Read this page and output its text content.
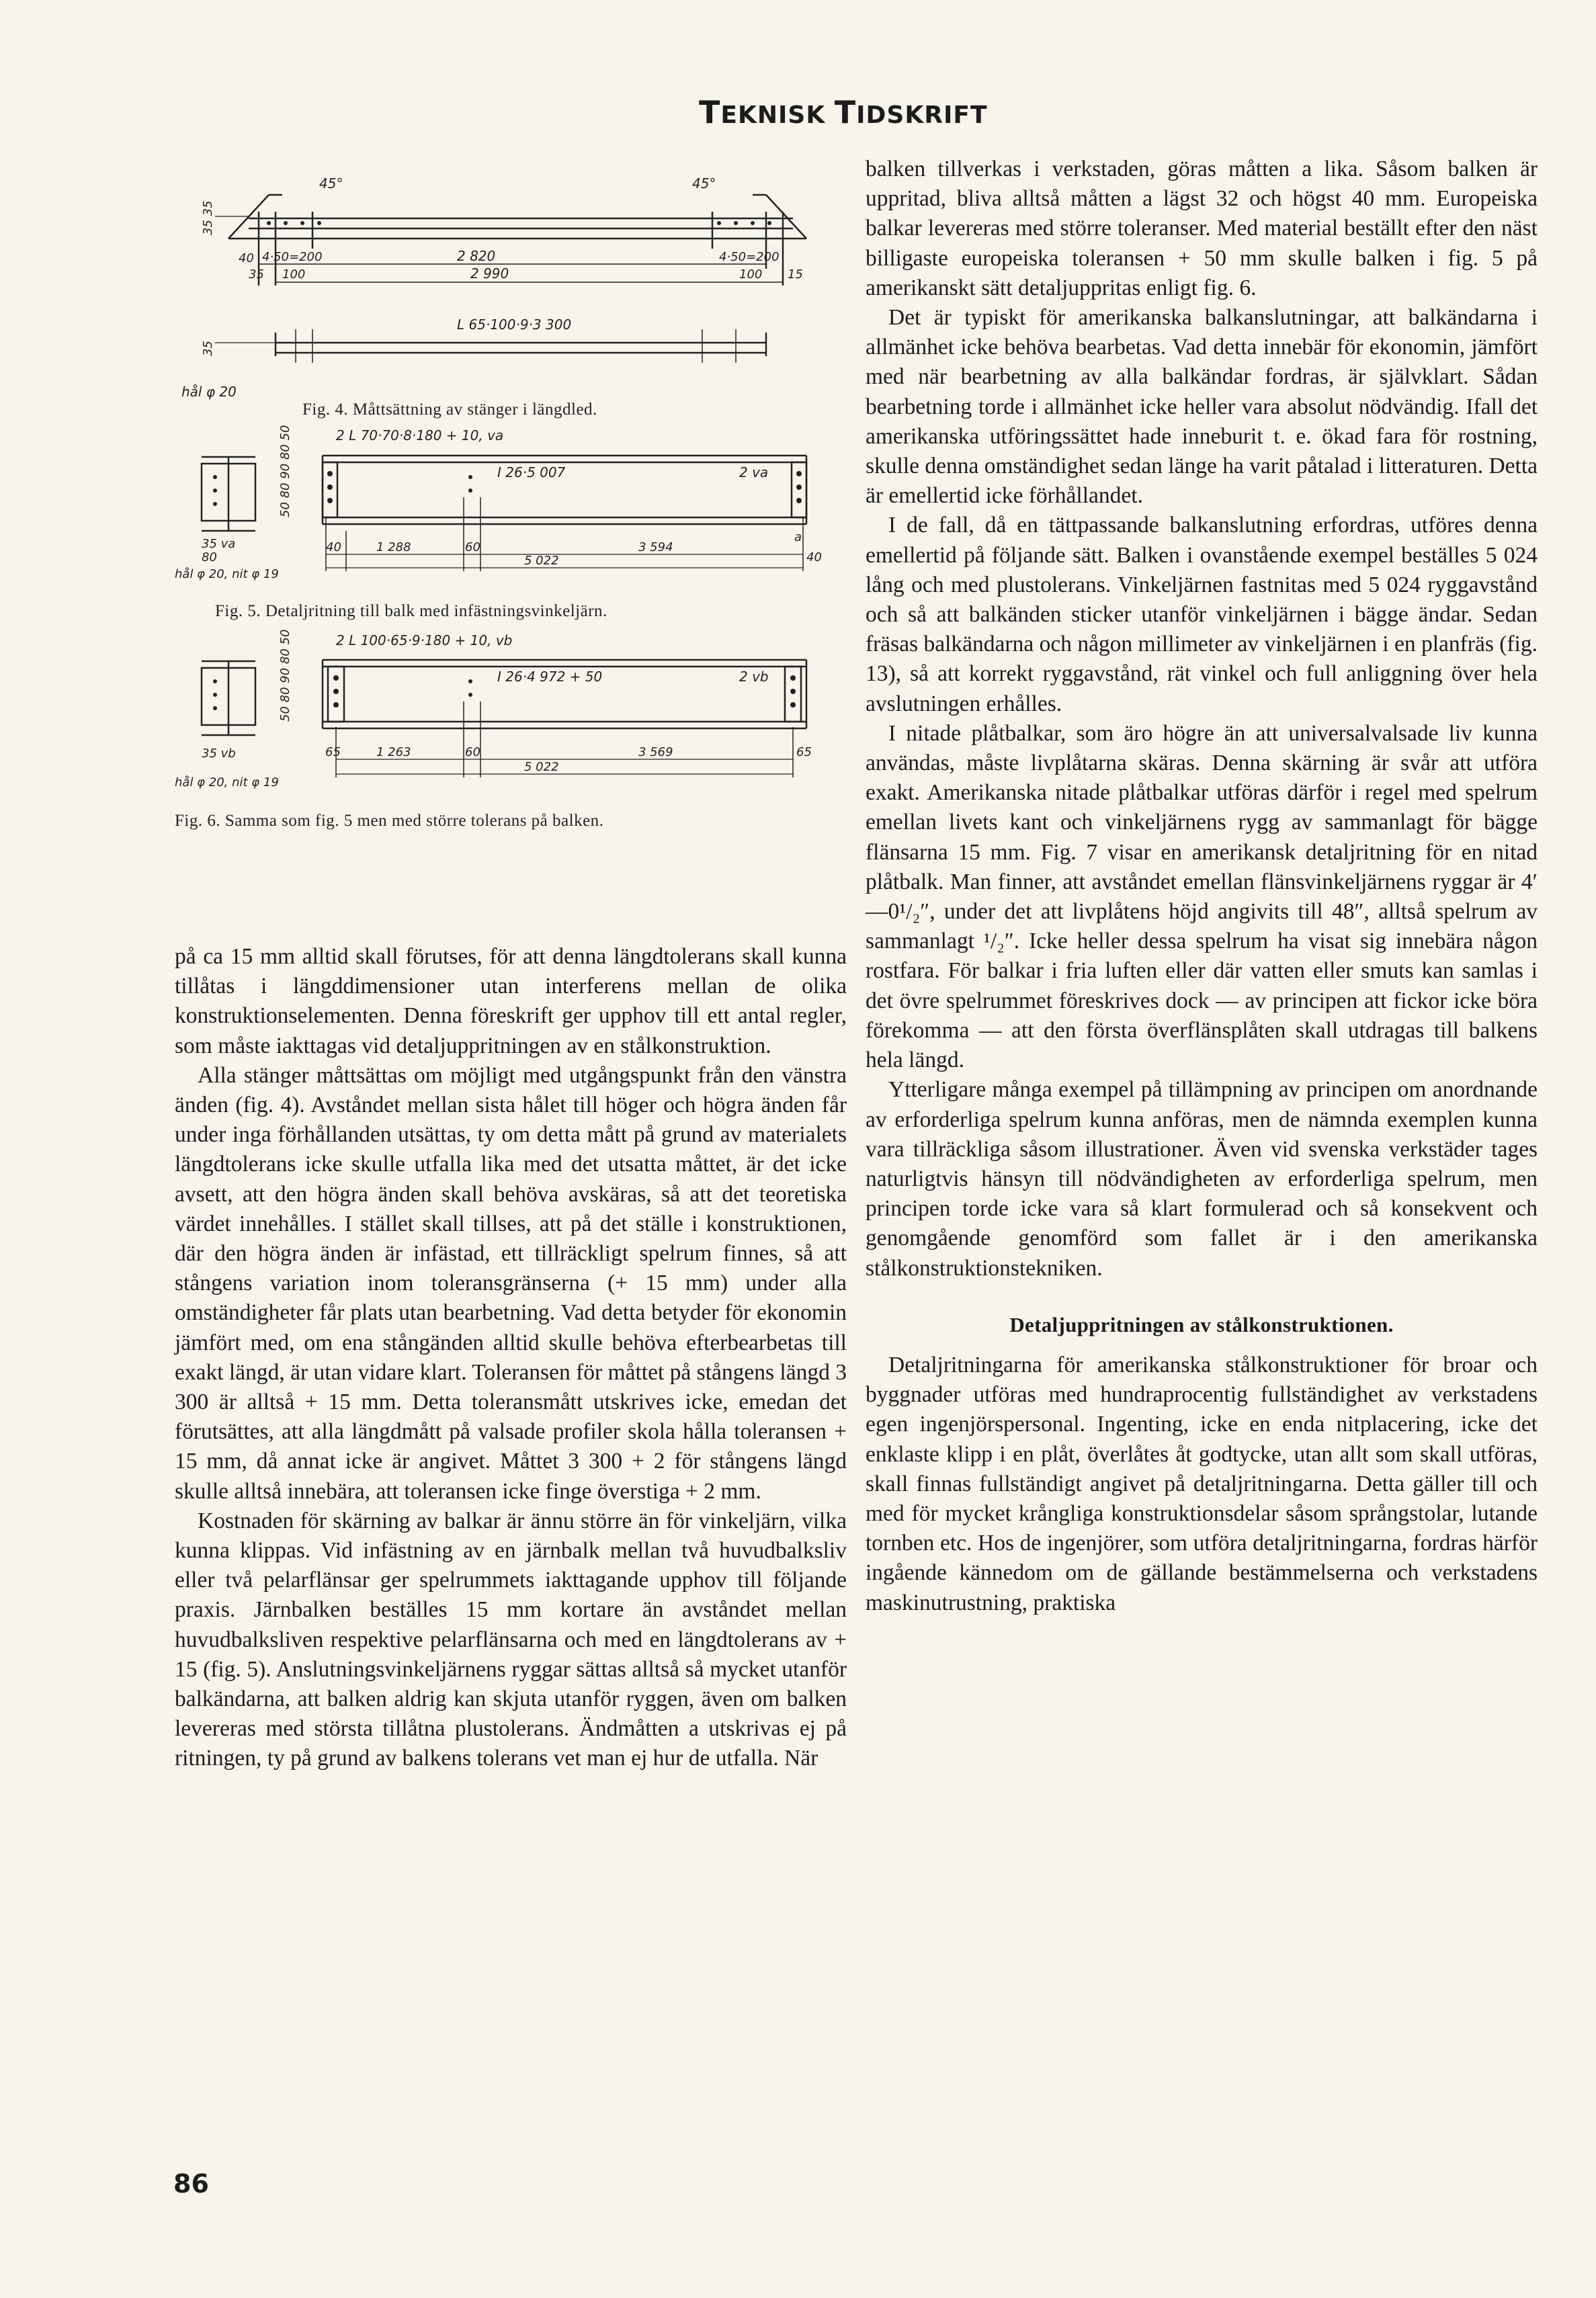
TEKNISK TIDSKRIFT
45°	45°
35 35
40 4·50=200	2 820	4·50=200
35 100	2 990	100 15
L 65·100·9·3 300
35
hål φ 20
Fig. 4. Måttsättning av stänger i längdled.
2 L 70·70·8·180 + 10, va
I 26·5 007	2 va
50 80 90 80 50
35 va
80
hål φ 20, nit φ 19
40	1 288	60	3 594
5 022
a
40
Fig. 5. Detaljritning till balk med infästningsvinkeljärn.
2 L 100·65·9·180 + 10, vb
I 26·4 972 + 50	2 vb
50 80 90 80 50
35 vb
hål φ 20, nit φ 19
65	1 263	60	3 569
5 022
65
Fig. 6. Samma som fig. 5 men med större tolerans på balken.

på ca 15 mm alltid skall förutses, för att denna längdtolerans skall kunna tillåtas i längddimensioner utan interferens mellan de olika konstruktionselementen. Denna föreskrift ger upphov till ett antal regler, som måste iakttagas vid detaljuppritningen av en stålkonstruktion.

Alla stänger måttsättas om möjligt med utgångspunkt från den vänstra änden (fig. 4). Avståndet mellan sista hålet till höger och högra änden får under inga förhållanden utsättas, ty om detta mått på grund av materialets längdtolerans icke skulle utfalla lika med det utsatta måttet, är det icke avsett, att den högra änden skall behöva avskäras, så att det teoretiska värdet innehålles. I stället skall tillses, att på det ställe i konstruktionen, där den högra änden är infästad, ett tillräckligt spelrum finnes, så att stångens variation inom toleransgränserna (+ 15 mm) under alla omständigheter får plats utan bearbetning. Vad detta betyder för ekonomin jämfört med, om ena stångänden alltid skulle behöva efterbearbetas till exakt längd, är utan vidare klart. Toleransen för måttet på stångens längd 3 300 är alltså + 15 mm. Detta toleransmått utskrives icke, emedan det förutsättes, att alla längdmått på valsade profiler skola hålla toleransen + 15 mm, då annat icke är angivet. Måttet 3 300 + 2 för stångens längd skulle alltså innebära, att toleransen icke finge överstiga + 2 mm.

Kostnaden för skärning av balkar är ännu större än för vinkeljärn, vilka kunna klippas. Vid infästning av en järnbalk mellan två huvudbalksliv eller två pelarflänsar ger spelrummets iakttagande upphov till följande praxis. Järnbalken beställes 15 mm kortare än avståndet mellan huvudbalksliven respektive pelarflänsarna och med en längdtolerans av + 15 (fig. 5). Anslutningsvinkeljärnens ryggar sättas alltså så mycket utanför balkändarna, att balken aldrig kan skjuta utanför ryggen, även om balken levereras med största tillåtna plustolerans. Ändmåtten a utskrivas ej på ritningen, ty på grund av balkens tolerans vet man ej hur de utfalla. När

balken tillverkas i verkstaden, göras måtten a lika. Såsom balken är uppritad, bliva alltså måtten a lägst 32 och högst 40 mm. Europeiska balkar levereras med större toleranser. Med material beställt efter den näst billigaste europeiska toleransen + 50 mm skulle balken i fig. 5 på amerikanskt sätt detaljuppritas enligt fig. 6.

Det är typiskt för amerikanska balkanslutningar, att balkändarna i allmänhet icke behöva bearbetas. Vad detta innebär för ekonomin, jämfört med när bearbetning av alla balkändar fordras, är självklart. Sådan bearbetning torde i allmänhet icke heller vara absolut nödvändig. Ifall det amerikanska utföringssättet hade inneburit t. e. ökad fara för rostning, skulle denna omständighet sedan länge ha varit påtalad i litteraturen. Detta är emellertid icke förhållandet.

I de fall, då en tättpassande balkanslutning erfordras, utföres denna emellertid på följande sätt. Balken i ovanstående exempel beställes 5 024 lång och med plustolerans. Vinkeljärnen fastnitas med 5 024 ryggavstånd och så att balkänden sticker utanför vinkeljärnen i bägge ändar. Sedan fräsas balkändarna och någon millimeter av vinkeljärnen i en planfräs (fig. 13), så att korrekt ryggavstånd, rät vinkel och full anliggning över hela avslutningen erhålles.

I nitade plåtbalkar, som äro högre än att universalvalsade liv kunna användas, måste livplåtarna skäras. Denna skärning är svår att utföra exakt. Amerikanska nitade plåtbalkar utföras därför i regel med spelrum emellan livets kant och vinkeljärnens rygg av sammanlagt för bägge flänsarna 15 mm. Fig. 7 visar en amerikansk detaljritning för en nitad plåtbalk. Man finner, att avståndet emellan flänsvinkeljärnens ryggar är 4′—0¹/₂″, under det att livplåtens höjd angivits till 48″, alltså spelrum av sammanlagt ¹/₂″. Icke heller dessa spelrum ha visat sig innebära någon rostfara. För balkar i fria luften eller där vatten eller smuts kan samlas i det övre spelrummet föreskrives dock — av principen att fickor icke böra förekomma — att den första överflänsplåten skall utdragas till balkens hela längd.

Ytterligare många exempel på tillämpning av principen om anordnande av erforderliga spelrum kunna anföras, men de nämnda exemplen kunna vara tillräckliga såsom illustrationer. Även vid svenska verkstäder tages naturligtvis hänsyn till nödvändigheten av erforderliga spelrum, men principen torde icke vara så klart formulerad och så konsekvent och genomgående genomförd som fallet är i den amerikanska stålkonstruktionstekniken.

Detaljuppritningen av stålkonstruktionen.

Detaljritningarna för amerikanska stålkonstruktioner för broar och byggnader utföras med hundraprocentig fullständighet av verkstadens egen ingenjörspersonal. Ingenting, icke en enda nitplacering, icke det enklaste klipp i en plåt, överlåtes åt godtycke, utan allt som skall utföras, skall finnas fullständigt angivet på detaljritningarna. Detta gäller till och med för mycket krångliga konstruktionsdelar såsom språngstolar, lutande tornben etc. Hos de ingenjörer, som utföra detaljritningarna, fordras härför ingående kännedom om de gällande bestämmelserna och verkstadens maskinutrustning, praktiska

86
